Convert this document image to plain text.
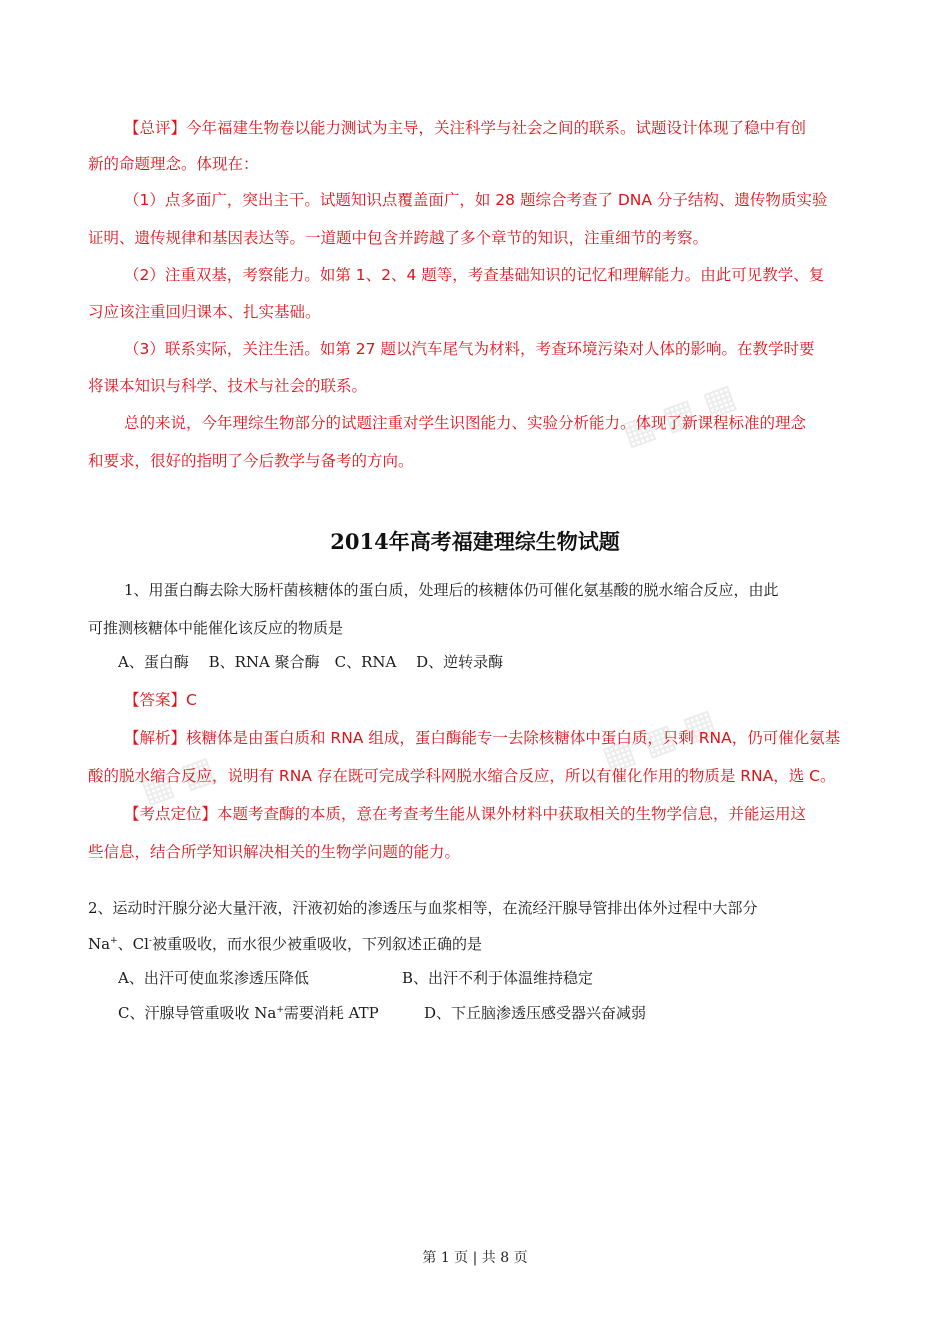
▦ ▦ ▦
▦ ▦
▦ ▦ ▦
【总评】今年福建生物卷以能力测试为主导，关注科学与社会之间的联系。试题设计体现了稳中有创
新的命题理念。体现在：
（1）点多面广，突出主干。试题知识点覆盖面广，如 28 题综合考查了 DNA 分子结构、遗传物质实验
证明、遗传规律和基因表达等。一道题中包含并跨越了多个章节的知识，注重细节的考察。
（2）注重双基，考察能力。如第 1、2、4 题等，考查基础知识的记忆和理解能力。由此可见教学、复
习应该注重回归课本、扎实基础。
（3）联系实际，关注生活。如第 27 题以汽车尾气为材料，考查环境污染对人体的影响。在教学时要
将课本知识与科学、技术与社会的联系。
总的来说，今年理综生物部分的试题注重对学生识图能力、实验分析能力。体现了新课程标准的理念
和要求，很好的指明了今后教学与备考的方向。
2014年高考福建理综生物试题
1、用蛋白酶去除大肠杆菌核糖体的蛋白质，处理后的核糖体仍可催化氨基酸的脱水缩合反应，由此
可推测核糖体中能催化该反应的物质是
A、蛋白酶　 B、RNA 聚合酶　C、RNA　 D、逆转录酶
【答案】C
【解析】核糖体是由蛋白质和 RNA 组成，蛋白酶能专一去除核糖体中蛋白质，只剩 RNA，仍可催化氨基
酸的脱水缩合反应，说明有 RNA 存在既可完成学科网脱水缩合反应，所以有催化作用的物质是 RNA，选 C。
【考点定位】本题考查酶的本质，意在考查考生能从课外材料中获取相关的生物学信息，并能运用这
些信息，结合所学知识解决相关的生物学问题的能力。
2、运动时汗腺分泌大量汗液，汗液初始的渗透压与血浆相等，在流经汗腺导管排出体外过程中大部分
Na+、Cl-被重吸收，而水很少被重吸收，下列叙述正确的是
A、出汗可使血浆渗透压降低	B、出汗不利于体温维持稳定
C、汗腺导管重吸收 Na+需要消耗 ATP	D、下丘脑渗透压感受器兴奋减弱
第 1 页 | 共 8 页
